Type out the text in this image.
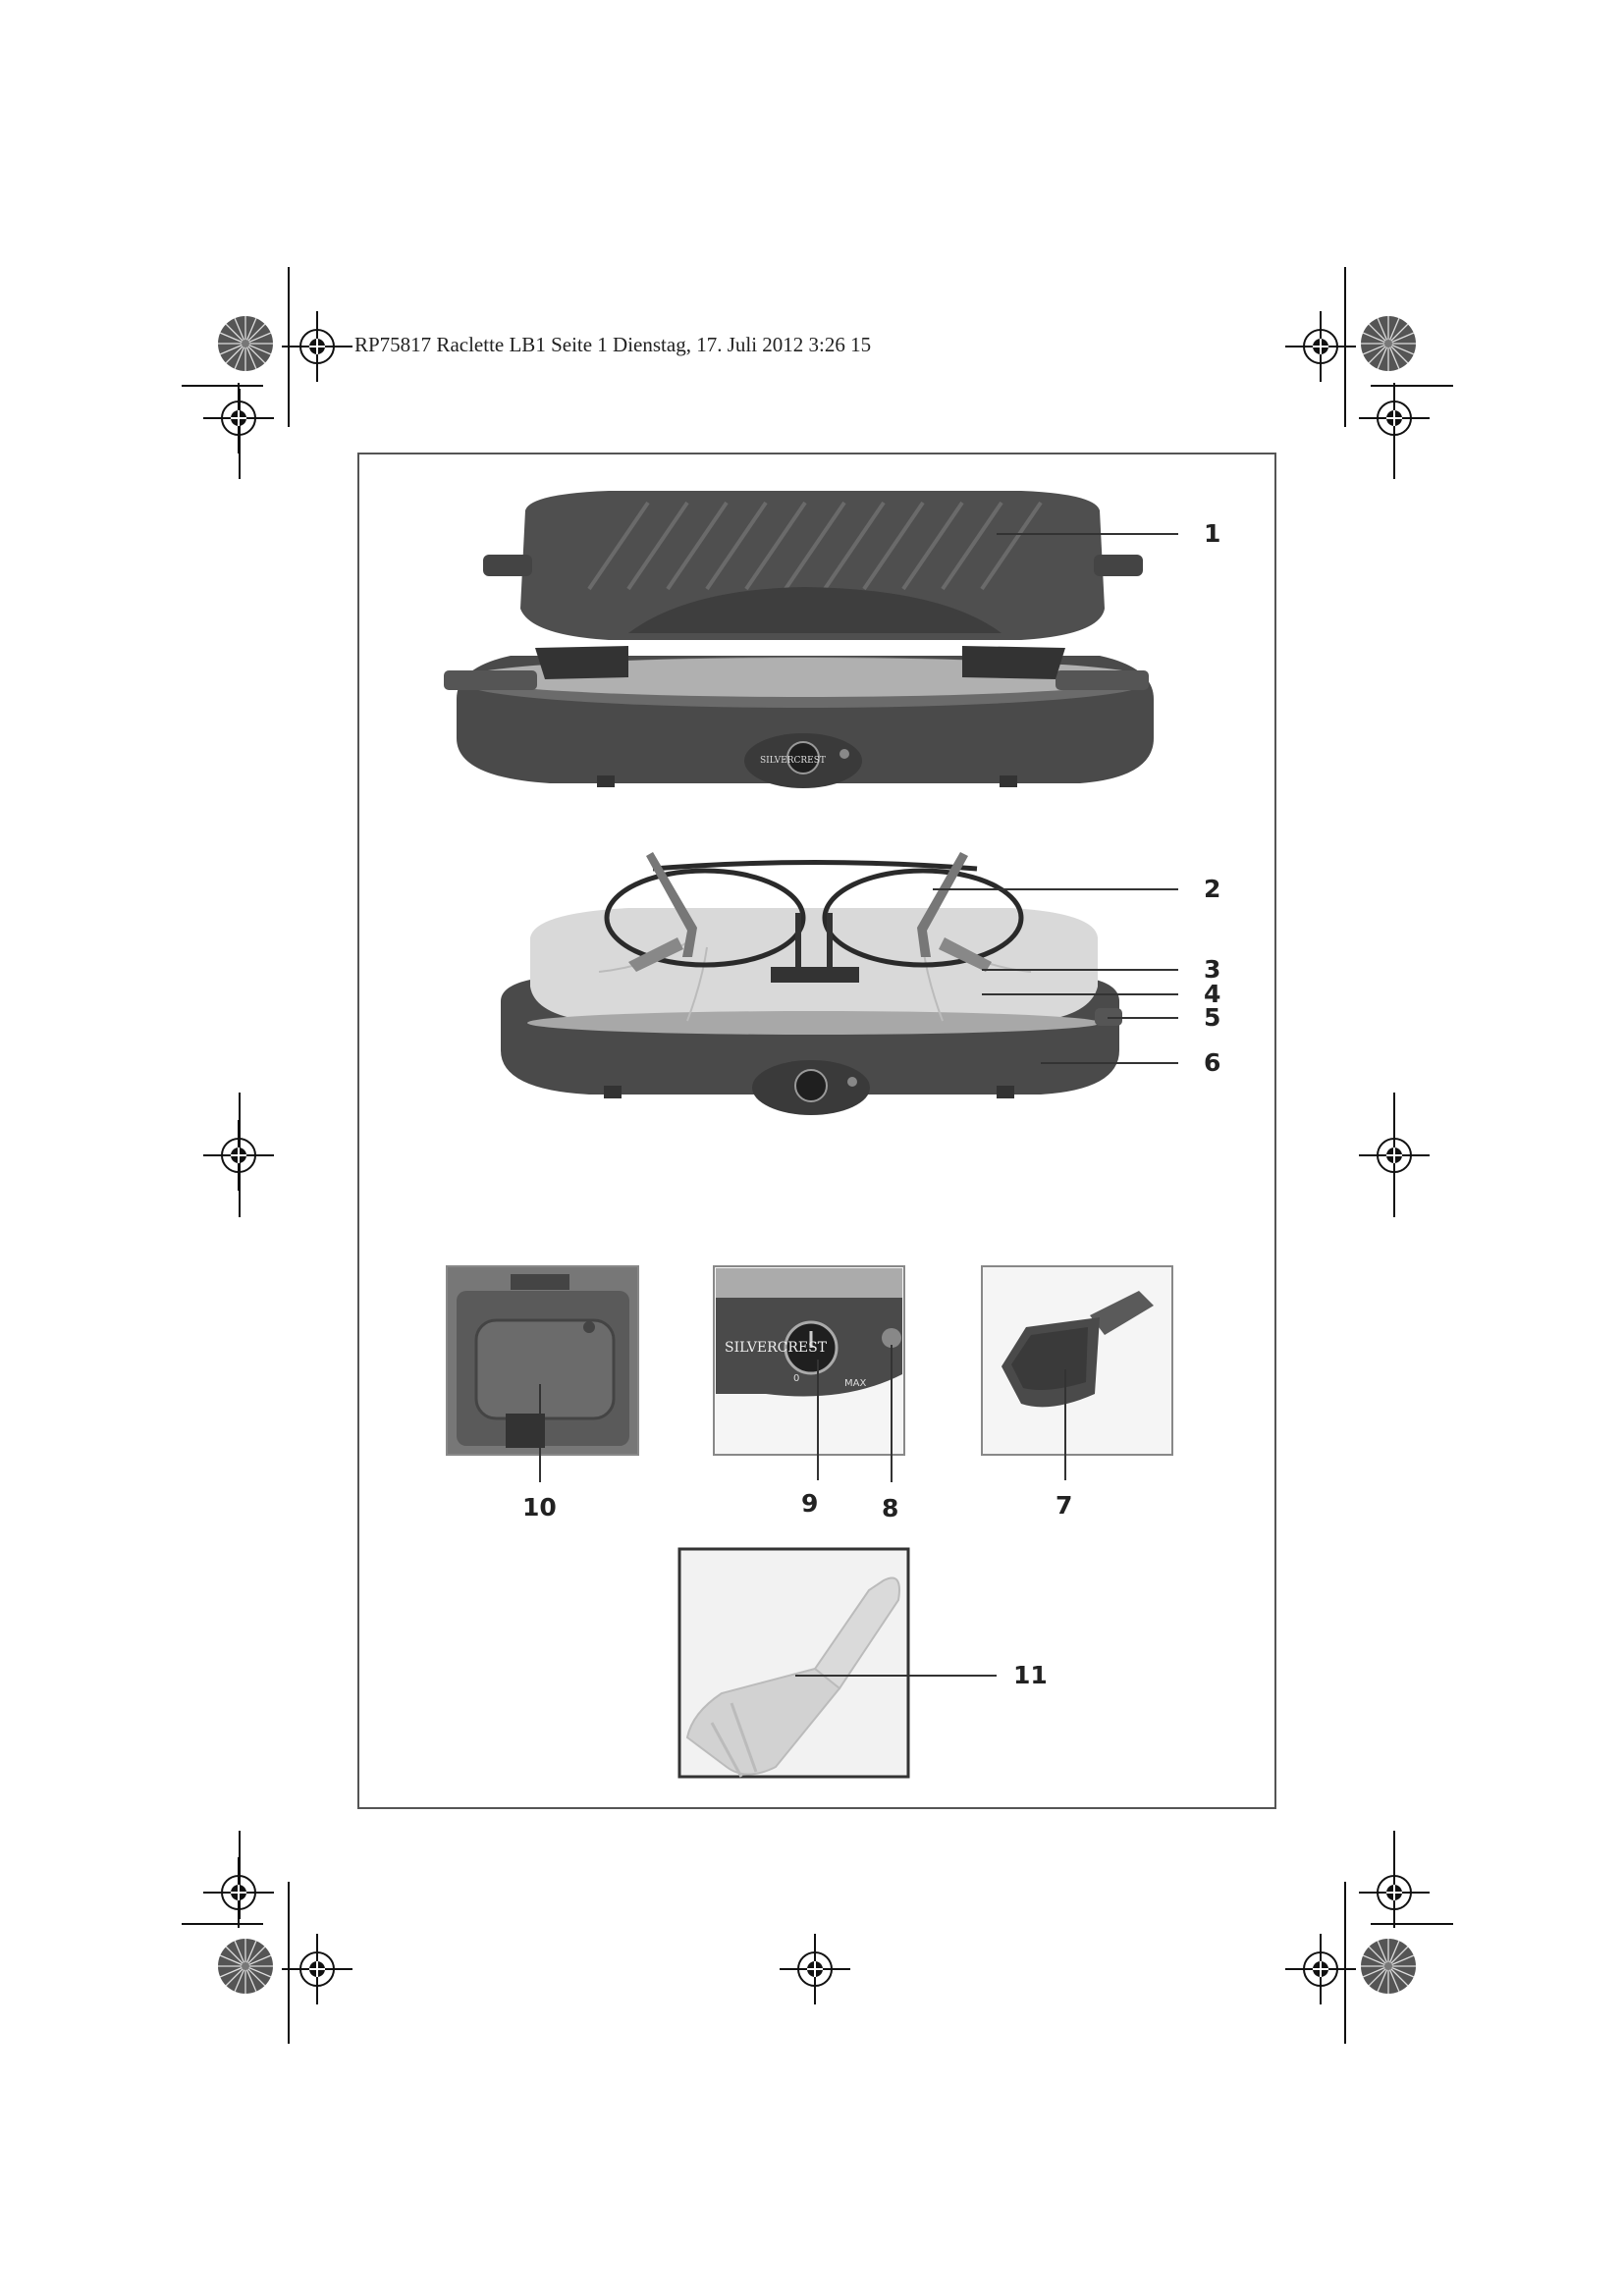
RP75817 Raclette LB1 Seite 1 Dienstag, 17. Juli 2012 3:26 15
SILVERCREST
1
2
3
4
5
6
10
SILVERCREST
0	MAX
9	8	7
11
